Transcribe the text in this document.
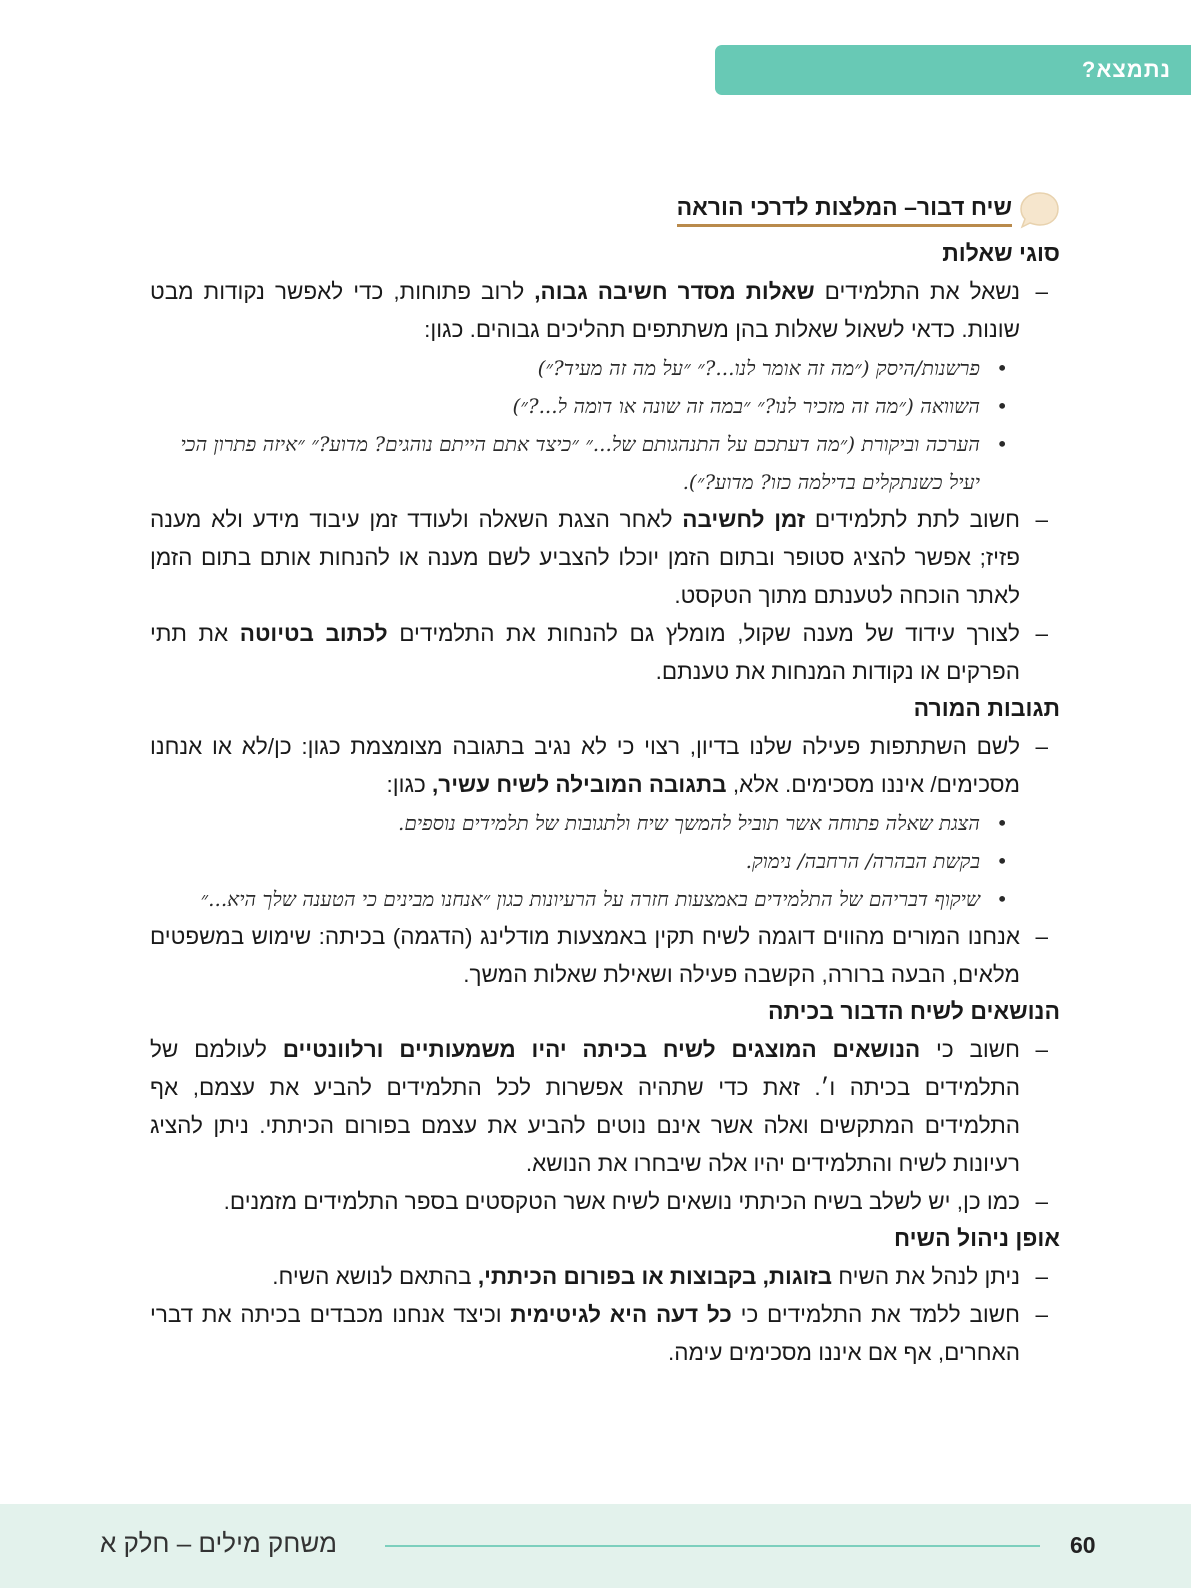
נתמצא?
שיח דבור– המלצות לדרכי הוראה
סוגי שאלות
–
נשאל את התלמידים שאלות מסדר חשיבה גבוה, לרוב פתוחות, כדי לאפשר נקודות מבט שונות. כדאי לשאול שאלות בהן משתתפים תהליכים גבוהים. כגון:
•
פרשנות/היסק (״מה זה אומר לנו...?״ ״על מה זה מעיד?״)
•
השוואה (״מה זה מזכיר לנו?״ ״במה זה שונה או דומה ל...?״)
•
הערכה וביקורת (״מה דעתכם על התנהגותם של...״ ״כיצד אתם הייתם נוהגים? מדוע?״ ״איזה פתרון הכי יעיל כשנתקלים בדילמה כזו? מדוע?״).
–
חשוב לתת לתלמידים זמן לחשיבה לאחר הצגת השאלה ולעודד זמן עיבוד מידע ולא מענה פזיז; אפשר להציג סטופר ובתום הזמן יוכלו להצביע לשם מענה או להנחות אותם בתום הזמן לאתר הוכחה לטענתם מתוך הטקסט.
–
לצורך עידוד של מענה שקול, מומלץ גם להנחות את התלמידים לכתוב בטיוטה את תתי הפרקים או נקודות המנחות את טענתם.
תגובות המורה
–
לשם השתתפות פעילה שלנו בדיון, רצוי כי לא נגיב בתגובה מצומצמת כגון: כן/לא או אנחנו מסכימים/ איננו מסכימים. אלא, בתגובה המובילה לשיח עשיר, כגון:
•
הצגת שאלה פתוחה אשר תוביל להמשך שיח ולתגובות של תלמידים נוספים.
•
בקשת הבהרה/ הרחבה/ נימוק.
•
שיקוף דבריהם של התלמידים באמצעות חזרה על הרעיונות כגון ״אנחנו מבינים כי הטענה שלך היא...״
–
אנחנו המורים מהווים דוגמה לשיח תקין באמצעות מודלינג (הדגמה) בכיתה: שימוש במשפטים מלאים, הבעה ברורה, הקשבה פעילה ושאילת שאלות המשך.
הנושאים לשיח הדבור בכיתה
–
חשוב כי הנושאים המוצגים לשיח בכיתה יהיו משמעותיים ורלוונטיים לעולמם של התלמידים בכיתה ו׳. זאת כדי שתהיה אפשרות לכל התלמידים להביע את עצמם, אף התלמידים המתקשים ואלה אשר אינם נוטים להביע את עצמם בפורום הכיתתי. ניתן להציג רעיונות לשיח והתלמידים יהיו אלה שיבחרו את הנושא.
–
כמו כן, יש לשלב בשיח הכיתתי נושאים לשיח אשר הטקסטים בספר התלמידים מזמנים.
אופן ניהול השיח
–
ניתן לנהל את השיח בזוגות, בקבוצות או בפורום הכיתתי, בהתאם לנושא השיח.
–
חשוב ללמד את התלמידים כי כל דעה היא לגיטימית וכיצד אנחנו מכבדים בכיתה את דברי האחרים, אף אם איננו מסכימים עימה.
60
משחק מילים – חלק א
